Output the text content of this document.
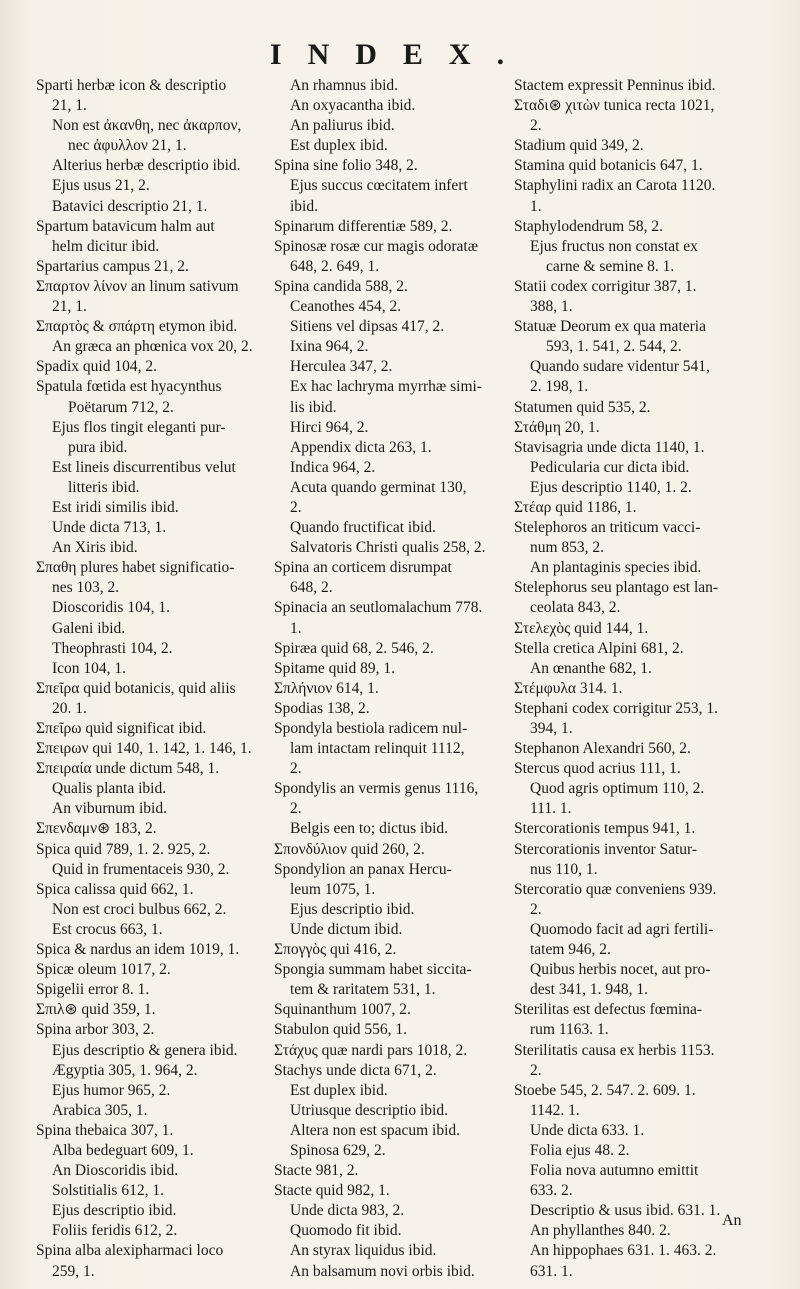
INDEX.
Sparti herbæ icon & descriptio
21, 1.
Non est ἀκανθη, nec ἀκαρπον,
nec ἀφυλλον 21, 1.
Alterius herbæ descriptio ibid.
Ejus usus 21, 2.
Batavici descriptio 21, 1.
Spartum batavicum halm aut
helm dicitur ibid.
Spartarius campus 21, 2.
Σπαρτον λίνον an linum sativum
21, 1.
Σπαρτὸς & σπάρτη etymon ibid.
An græca an phœnica vox 20, 2.
Spadix quid 104, 2.
Spatula fœtida est hyacynthus
Poëtarum 712, 2.
Ejus flos tingit eleganti pur-
pura ibid.
Est lineis discurrentibus velut
litteris ibid.
Est iridi similis ibid.
Unde dicta 713, 1.
An Xiris ibid.
Σπαθη plures habet significatio-
nes 103, 2.
Dioscoridis 104, 1.
Galeni ibid.
Theophrasti 104, 2.
Icon 104, 1.
Σπεῖρα quid botanicis, quid aliis
20. 1.
Σπεῖρω quid significat ibid.
Σπειρων qui 140, 1. 142, 1. 146, 1.
Σπειραία unde dictum 548, 1.
Qualis planta ibid.
An viburnum ibid.
Σπενδαμν⊛ 183, 2.
Spica quid 789, 1. 2. 925, 2.
Quid in frumentaceis 930, 2.
Spica calissa quid 662, 1.
Non est croci bulbus 662, 2.
Est crocus 663, 1.
Spica & nardus an idem 1019, 1.
Spicæ oleum 1017, 2.
Spigelii error 8. 1.
Σπιλ⊛ quid 359, 1.
Spina arbor 303, 2.
Ejus descriptio & genera ibid.
Ægyptia 305, 1. 964, 2.
Ejus humor 965, 2.
Arabica 305, 1.
Spina thebaica 307, 1.
Alba bedeguart 609, 1.
An Dioscoridis ibid.
Solstitialis 612, 1.
Ejus descriptio ibid.
Foliis feridis 612, 2.
Spina alba alexipharmaci loco
259, 1.
An rhamnus ibid.
An oxyacantha ibid.
An paliurus ibid.
Est duplex ibid.
Spina sine folio 348, 2.
Ejus succus cœcitatem infert
ibid.
Spinarum differentiæ 589, 2.
Spinosæ rosæ cur magis odoratæ
648, 2. 649, 1.
Spina candida 588, 2.
Ceanothes 454, 2.
Sitiens vel dipsas 417, 2.
Ixina 964, 2.
Herculea 347, 2.
Ex hac lachryma myrrhæ simi-
lis ibid.
Hirci 964, 2.
Appendix dicta 263, 1.
Indica 964, 2.
Acuta quando germinat 130,
2.
Quando fructificat ibid.
Salvatoris Christi qualis 258, 2.
Spina an corticem disrumpat
648, 2.
Spinacia an seutlomalachum 778.
1.
Spiræa quid 68, 2. 546, 2.
Spitame quid 89, 1.
Σπλήνιον 614, 1.
Spodias 138, 2.
Spondyla bestiola radicem nul-
lam intactam relinquit 1112,
2.
Spondylis an vermis genus 1116,
2.
Belgis een to; dictus ibid.
Σπονδύλιον quid 260, 2.
Spondylion an panax Hercu-
leum 1075, 1.
Ejus descriptio ibid.
Unde dictum ibid.
Σπογγὸς qui 416, 2.
Spongia summam habet siccita-
tem & raritatem 531, 1.
Squinanthum 1007, 2.
Stabulon quid 556, 1.
Στάχυς quæ nardi pars 1018, 2.
Stachys unde dicta 671, 2.
Est duplex ibid.
Utriusque descriptio ibid.
Altera non est spacum ibid.
Spinosa 629, 2.
Stacte 981, 2.
Stacte quid 982, 1.
Unde dicta 983, 2.
Quomodo fit ibid.
An styrax liquidus ibid.
An balsamum novi orbis ibid.
Stactem expressit Penninus ibid.
Σταδι⊛ χιτὼν tunica recta 1021,
2.
Stadium quid 349, 2.
Stamina quid botanicis 647, 1.
Staphylini radix an Carota 1120.
1.
Staphylodendrum 58, 2.
Ejus fructus non constat ex
carne & semine 8. 1.
Statii codex corrigitur 387, 1.
388, 1.
Statuæ Deorum ex qua materia
593, 1. 541, 2. 544, 2.
Quando sudare videntur 541,
2. 198, 1.
Statumen quid 535, 2.
Στάθμη 20, 1.
Stavisagria unde dicta 1140, 1.
Pedicularia cur dicta ibid.
Ejus descriptio 1140, 1. 2.
Στέαρ quid 1186, 1.
Stelephoros an triticum vacci-
num 853, 2.
An plantaginis species ibid.
Stelephorus seu plantago est lan-
ceolata 843, 2.
Στελεχὸς quid 144, 1.
Stella cretica Alpini 681, 2.
An œnanthe 682, 1.
Στέμφυλα 314. 1.
Stephani codex corrigitur 253, 1.
394, 1.
Stephanon Alexandri 560, 2.
Stercus quod acrius 111, 1.
Quod agris optimum 110, 2.
111. 1.
Stercorationis tempus 941, 1.
Stercorationis inventor Satur-
nus 110, 1.
Stercoratio quæ conveniens 939.
2.
Quomodo facit ad agri fertili-
tatem 946, 2.
Quibus herbis nocet, aut pro-
dest 341, 1. 948, 1.
Sterilitas est defectus fœmina-
rum 1163. 1.
Sterilitatis causa ex herbis 1153.
2.
Stoebe 545, 2. 547. 2. 609. 1.
1142. 1.
Unde dicta 633. 1.
Folia ejus 48. 2.
Folia nova autumno emittit
633. 2.
Descriptio & usus ibid. 631. 1.
An phyllanthes 840. 2.
An hippophaes 631. 1. 463. 2.
631. 1.
An
